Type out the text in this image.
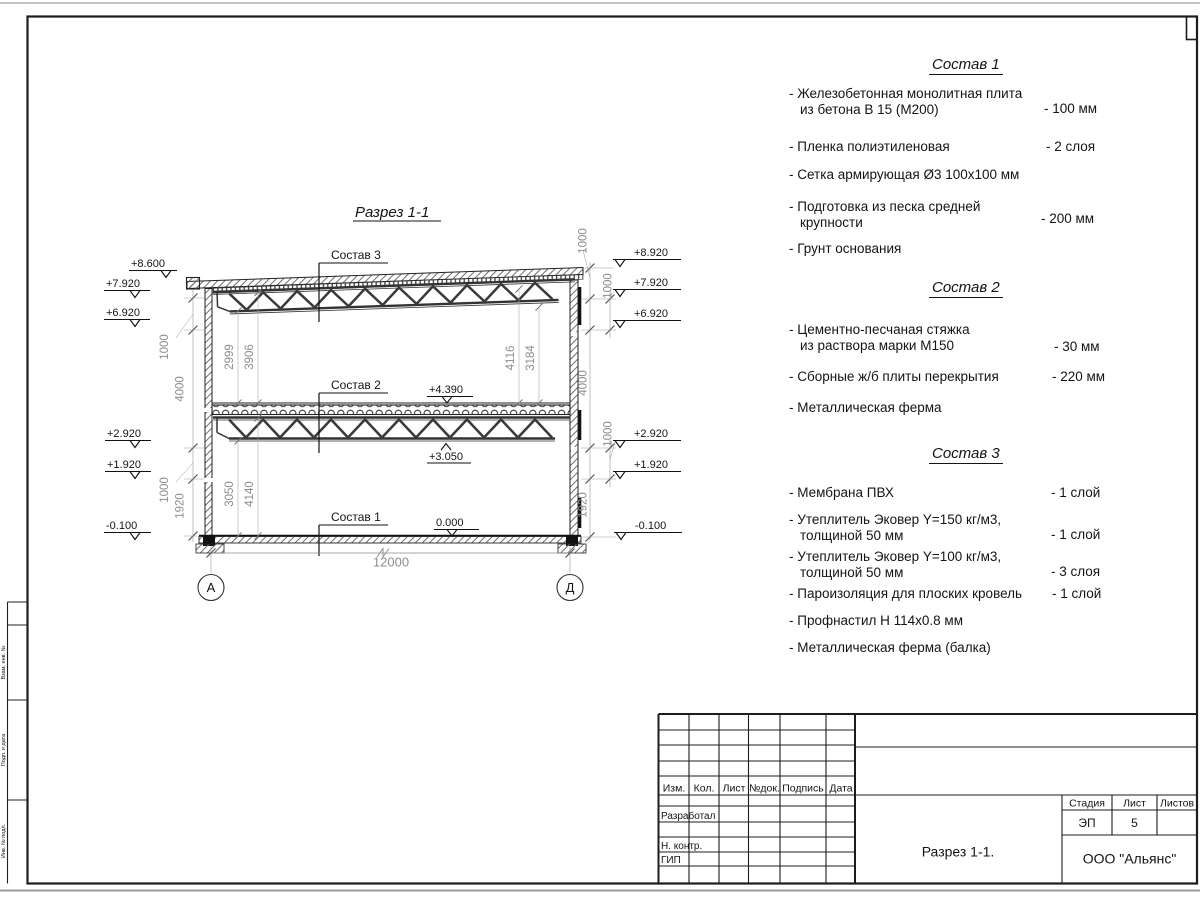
Взам. инв. №
Подп. и дата
Инв. № подл.
Разрез 1-1
Состав 3
Состав 2
Состав 1
+4.390
+3.050
0.000
+8.600
+7.920
+6.920
+2.920
+1.920
-0.100
+8.920
+7.920
+6.920
+2.920
+1.920
-0.100
1000
4000
1000
1920
2999 3906
3050 4140
4116 3184
1000
1000
4000
1000
1920
12000
А	Д
Изм. Кол. Лист №док. Подпись Дата
Разработал
Н. контр.
ГИП
Стадия Лист Листов
ЭП	5
Разрез 1-1.	ООО "Альянс"
Состав 1
- Железобетонная монолитная плита
из бетона В 15 (М200)	- 100 мм
- Пленка полиэтиленовая	- 2 слоя
- Сетка армирующая Ø3 100х100 мм
- Подготовка из песка средней
крупности	- 200 мм
- Грунт основания
Состав 2
- Цементно-песчаная стяжка
из раствора марки М150	- 30 мм
- Сборные ж/б плиты перекрытия	- 220 мм
- Металлическая ферма
Состав 3
- Мембрана ПВХ	- 1 слой
- Утеплитель Эковер Y=150 кг/м3,
толщиной 50 мм	- 1 слой
- Утеплитель Эковер Y=100 кг/м3,
толщиной 50 мм	- 3 слоя
- Пароизоляция для плоских кровель - 1 слой
- Профнастил Н 114х0.8 мм
- Металлическая ферма (балка)
